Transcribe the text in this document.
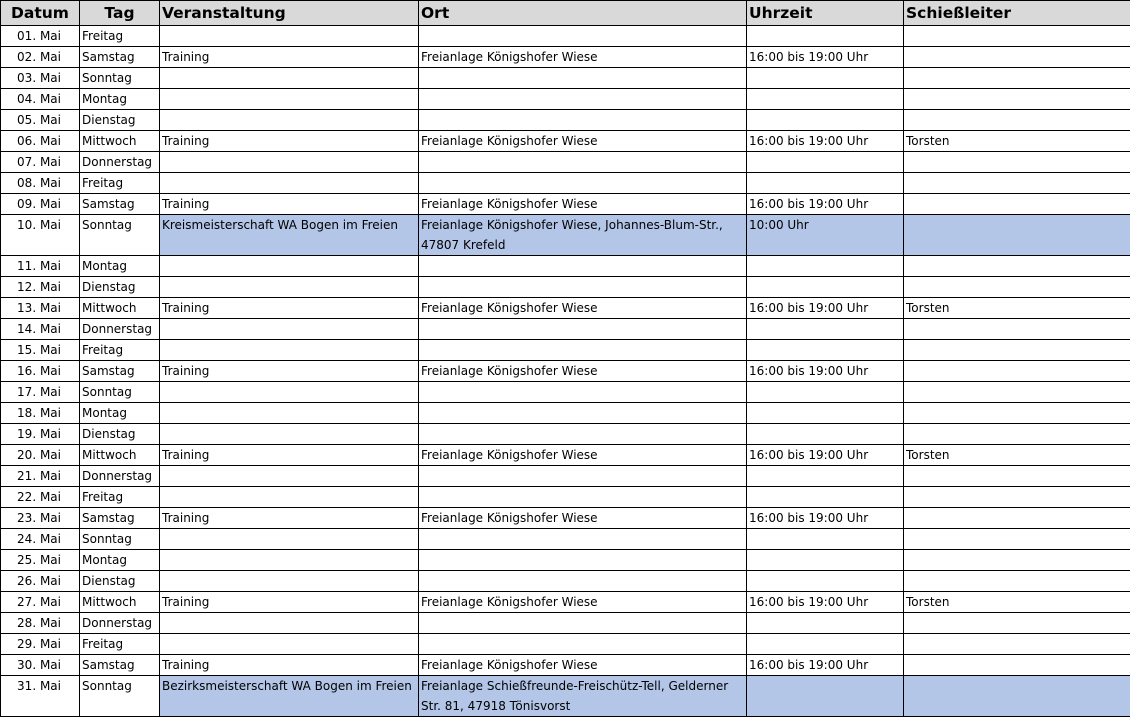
Datum	Tag	Veranstaltung	Ort	Uhrzeit	Schießleiter
01. Mai	Freitag				
02. Mai	Samstag	Training	Freianlage Königshofer Wiese	16:00 bis 19:00 Uhr	
03. Mai	Sonntag				
04. Mai	Montag				
05. Mai	Dienstag				
06. Mai	Mittwoch	Training	Freianlage Königshofer Wiese	16:00 bis 19:00 Uhr	Torsten
07. Mai	Donnerstag				
08. Mai	Freitag				
09. Mai	Samstag	Training	Freianlage Königshofer Wiese	16:00 bis 19:00 Uhr	
10. Mai	Sonntag	Kreismeisterschaft WA Bogen im Freien	Freianlage Königshofer Wiese, Johannes-Blum-Str., 47807 Krefeld	10:00 Uhr	
11. Mai	Montag				
12. Mai	Dienstag				
13. Mai	Mittwoch	Training	Freianlage Königshofer Wiese	16:00 bis 19:00 Uhr	Torsten
14. Mai	Donnerstag				
15. Mai	Freitag				
16. Mai	Samstag	Training	Freianlage Königshofer Wiese	16:00 bis 19:00 Uhr	
17. Mai	Sonntag				
18. Mai	Montag				
19. Mai	Dienstag				
20. Mai	Mittwoch	Training	Freianlage Königshofer Wiese	16:00 bis 19:00 Uhr	Torsten
21. Mai	Donnerstag				
22. Mai	Freitag				
23. Mai	Samstag	Training	Freianlage Königshofer Wiese	16:00 bis 19:00 Uhr	
24. Mai	Sonntag				
25. Mai	Montag				
26. Mai	Dienstag				
27. Mai	Mittwoch	Training	Freianlage Königshofer Wiese	16:00 bis 19:00 Uhr	Torsten
28. Mai	Donnerstag				
29. Mai	Freitag				
30. Mai	Samstag	Training	Freianlage Königshofer Wiese	16:00 bis 19:00 Uhr	
31. Mai	Sonntag	Bezirksmeisterschaft WA Bogen im Freien	Freianlage Schießfreunde-Freischütz-Tell, Gelderner Str. 81, 47918 Tönisvorst		
